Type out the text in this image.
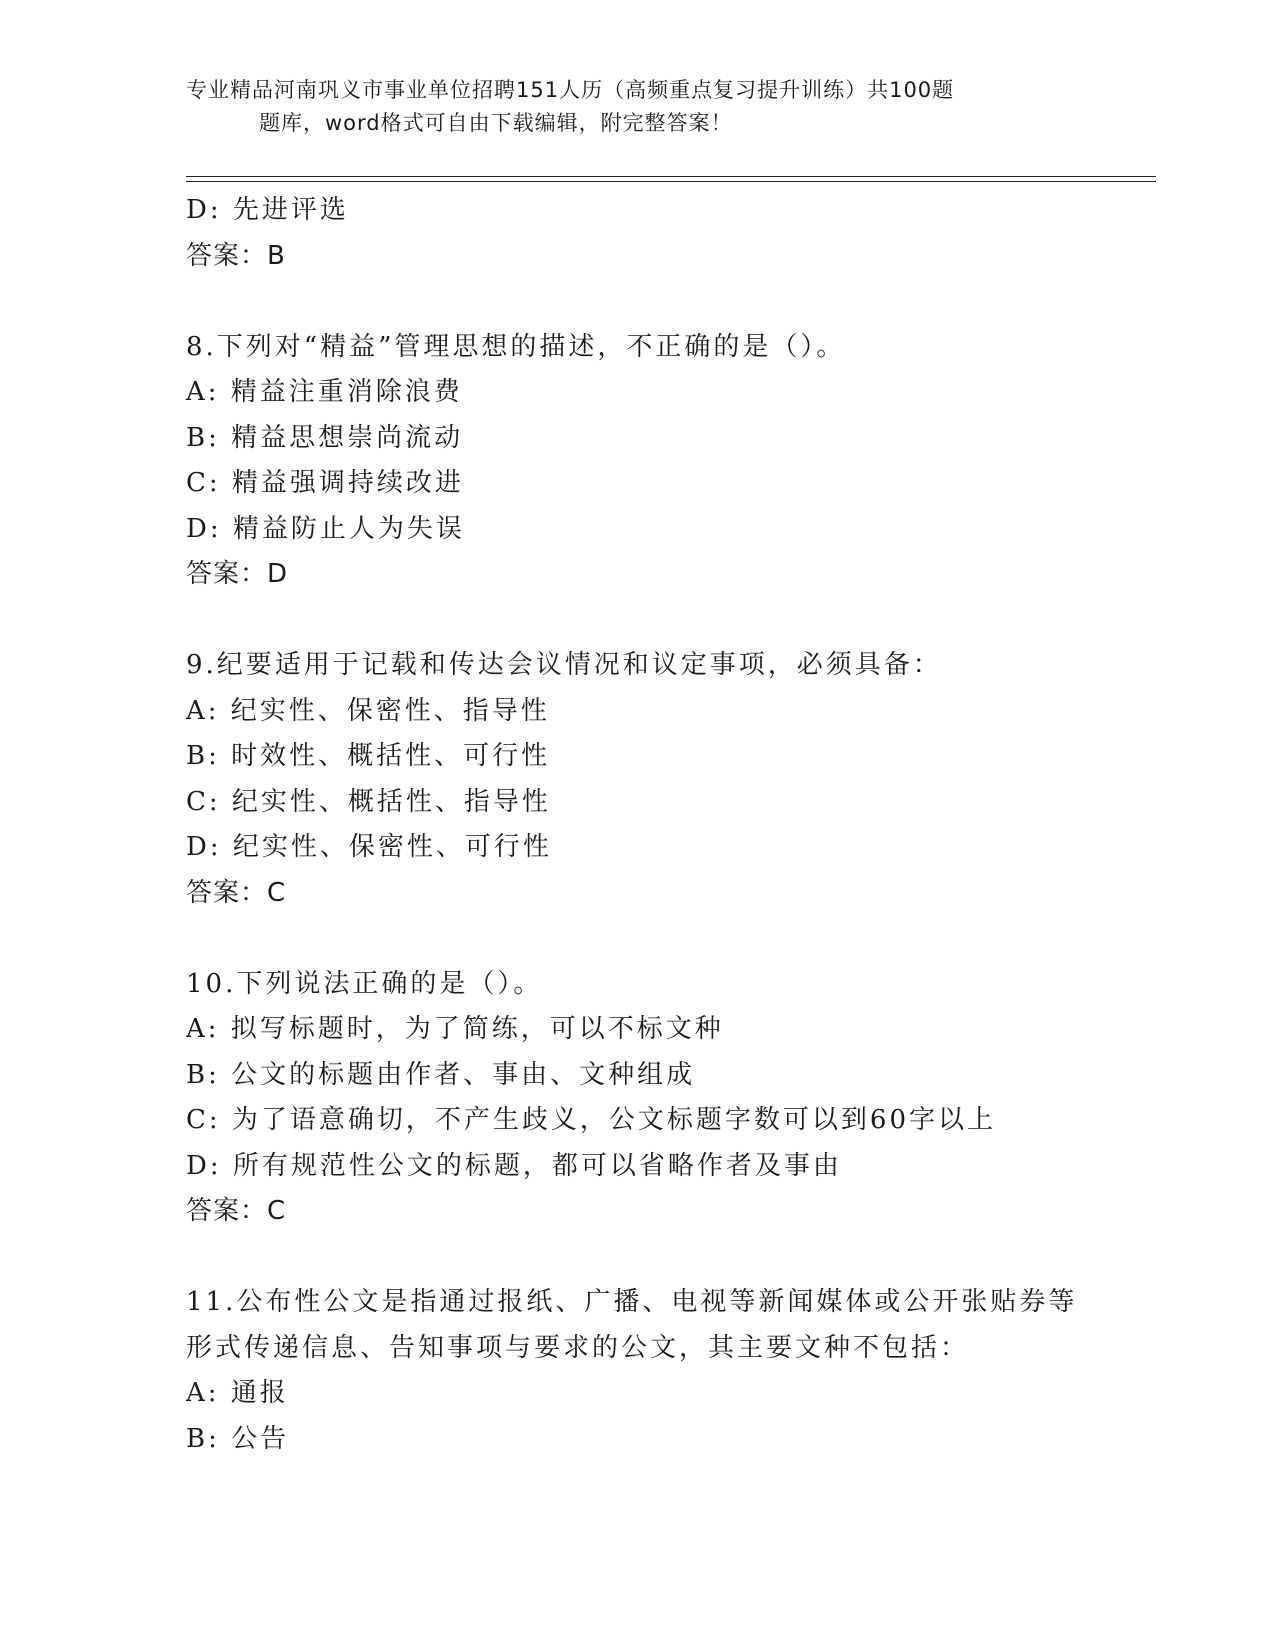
专业精品河南巩义市事业单位招聘151人历（高频重点复习提升训练）共100题
题库，word格式可自由下载编辑，附完整答案！
D: 先进评选
答案：B
8.下列对“精益”管理思想的描述，不正确的是（）。
A: 精益注重消除浪费
B: 精益思想崇尚流动
C: 精益强调持续改进
D: 精益防止人为失误
答案：D
9.纪要适用于记载和传达会议情况和议定事项，必须具备：
A: 纪实性、保密性、指导性
B: 时效性、概括性、可行性
C: 纪实性、概括性、指导性
D: 纪实性、保密性、可行性
答案：C
10.下列说法正确的是（）。
A: 拟写标题时，为了简练，可以不标文种
B: 公文的标题由作者、事由、文种组成
C: 为了语意确切，不产生歧义，公文标题字数可以到60字以上
D: 所有规范性公文的标题，都可以省略作者及事由
答案：C
11.公布性公文是指通过报纸、广播、电视等新闻媒体或公开张贴券等
形式传递信息、告知事项与要求的公文，其主要文种不包括：
A: 通报
B: 公告
